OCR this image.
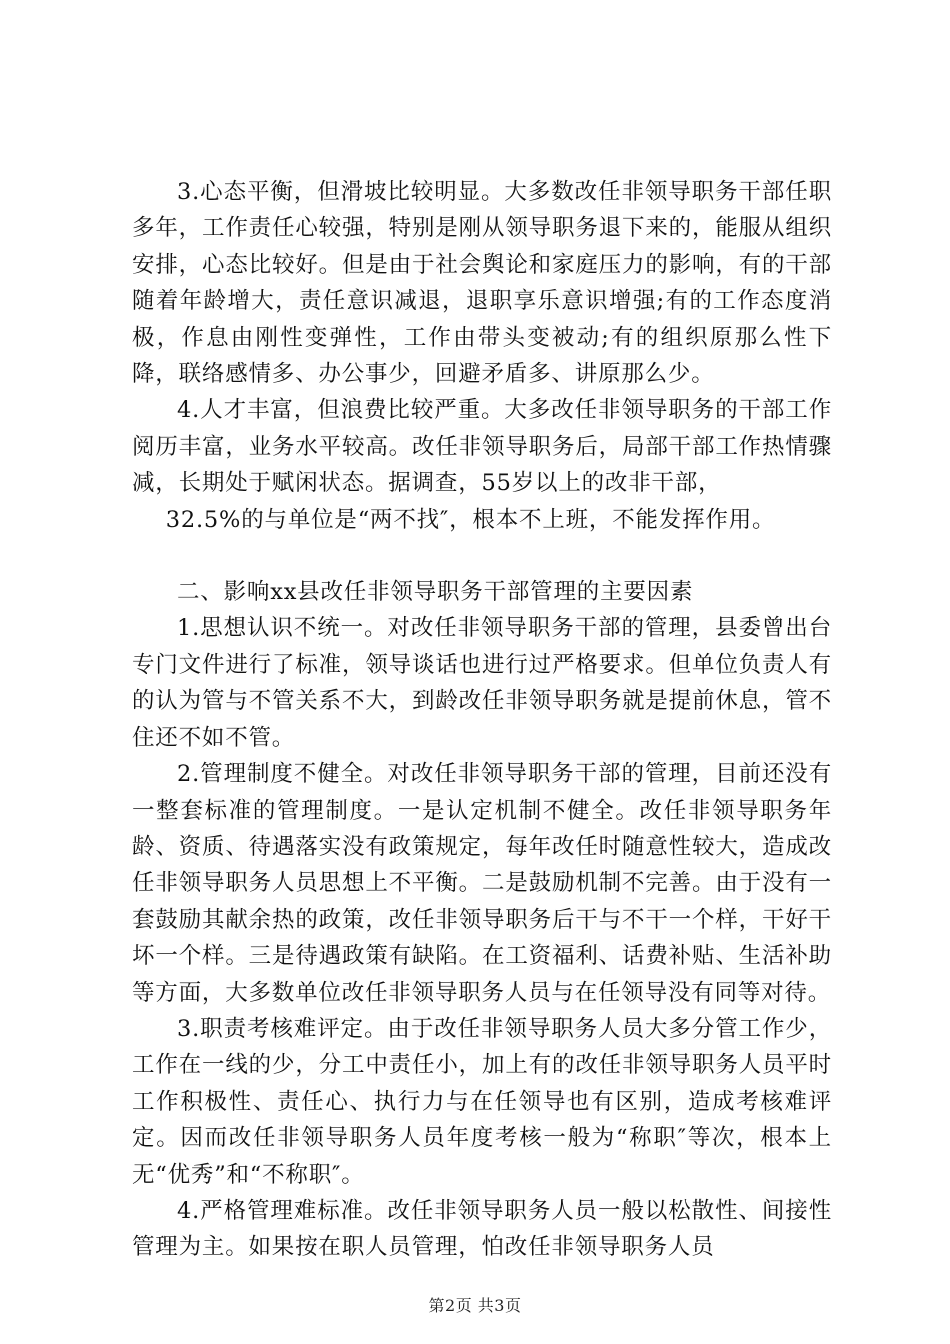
3.心态平衡，但滑坡比较明显。大多数改任非领导职务干部任职多年，工作责任心较强，特别是刚从领导职务退下来的，能服从组织安排，心态比较好。但是由于社会舆论和家庭压力的影响，有的干部随着年龄增大，责任意识减退，退职享乐意识增强;有的工作态度消极，作息由刚性变弹性，工作由带头变被动;有的组织原那么性下降，联络感情多、办公事少，回避矛盾多、讲原那么少。

4.人才丰富，但浪费比较严重。大多改任非领导职务的干部工作阅历丰富，业务水平较高。改任非领导职务后，局部干部工作热情骤减，长期处于赋闲状态。据调查，55岁以上的改非干部，

32.5%的与单位是“两不找″，根本不上班，不能发挥作用。

二、影响xx县改任非领导职务干部管理的主要因素

1.思想认识不统一。对改任非领导职务干部的管理，县委曾出台专门文件进行了标准，领导谈话也进行过严格要求。但单位负责人有的认为管与不管关系不大，到龄改任非领导职务就是提前休息，管不住还不如不管。

2.管理制度不健全。对改任非领导职务干部的管理，目前还没有一整套标准的管理制度。一是认定机制不健全。改任非领导职务年龄、资质、待遇落实没有政策规定，每年改任时随意性较大，造成改任非领导职务人员思想上不平衡。二是鼓励机制不完善。由于没有一套鼓励其献余热的政策，改任非领导职务后干与不干一个样，干好干坏一个样。三是待遇政策有缺陷。在工资福利、话费补贴、生活补助等方面，大多数单位改任非领导职务人员与在任领导没有同等对待。

3.职责考核难评定。由于改任非领导职务人员大多分管工作少，工作在一线的少，分工中责任小，加上有的改任非领导职务人员平时工作积极性、责任心、执行力与在任领导也有区别，造成考核难评定。因而改任非领导职务人员年度考核一般为“称职″等次，根本上无“优秀”和“不称职″。

4.严格管理难标准。改任非领导职务人员一般以松散性、间接性管理为主。如果按在职人员管理，怕改任非领导职务人员

第2页 共3页
